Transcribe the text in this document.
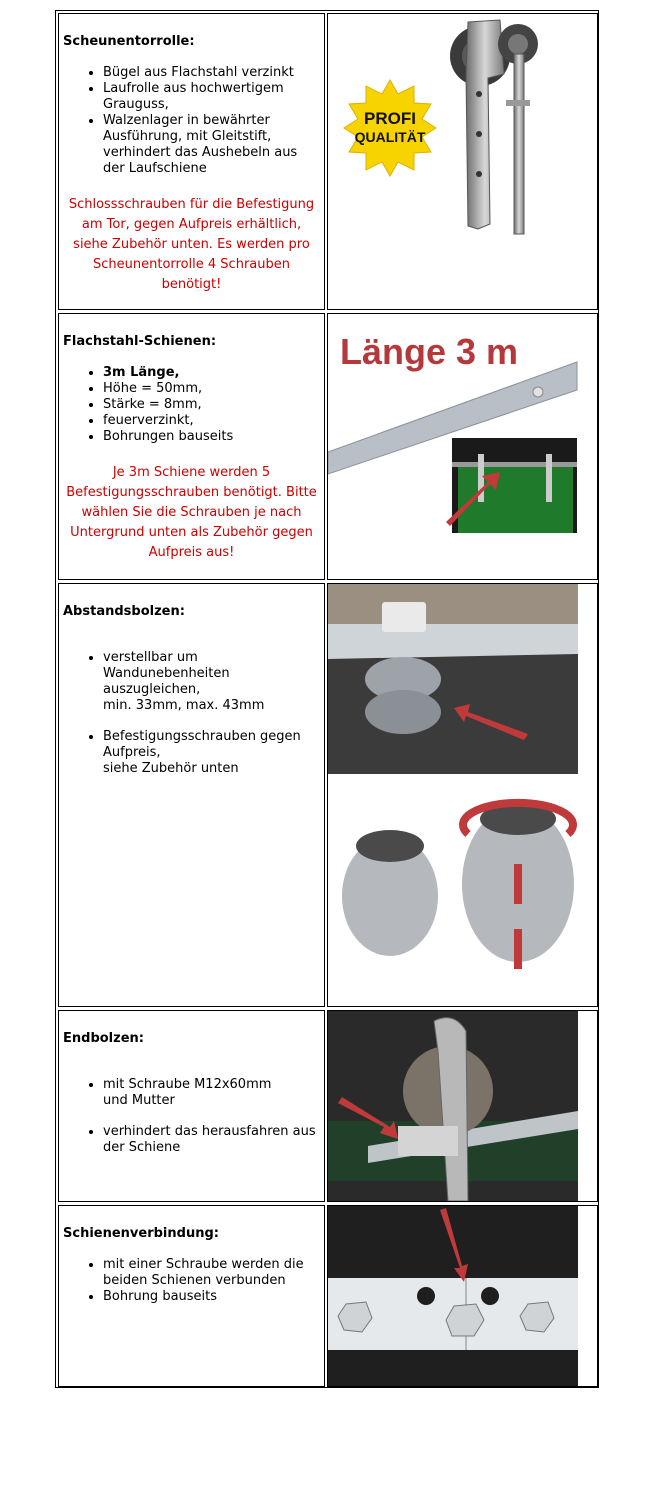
Scheunentorrolle:
• Bügel aus Flachstahl verzinkt
• Laufrolle aus hochwertigem Grauguss,
• Walzenlager in bewährter Ausführung, mit Gleitstift, verhindert das Aushebeln aus der Laufschiene
Schlossschrauben für die Befestigung am Tor, gegen Aufpreis erhältlich, siehe Zubehör unten. Es werden pro Scheunentorrolle 4 Schrauben benötigt!
PROFI
QUALITÄT
Flachstahl-Schienen:
• 3m Länge,
• Höhe = 50mm,
• Stärke = 8mm,
• feuerverzinkt,
• Bohrungen bauseits
Je 3m Schiene werden 5 Befestigungsschrauben benötigt. Bitte wählen Sie die Schrauben je nach Untergrund unten als Zubehör gegen Aufpreis aus!
Länge 3 m
Abstandsbolzen:

• verstellbar um Wandunebenheiten auszugleichen,
min. 33mm, max. 43mm

• Befestigungsschrauben gegen Aufpreis,
siehe Zubehör unten

Endbolzen:

• mit Schraube M12x60mm
und Mutter

• verhindert das herausfahren aus der Schiene

Schienenverbindung:
• mit einer Schraube werden die beiden Schienen verbunden
• Bohrung bauseits
